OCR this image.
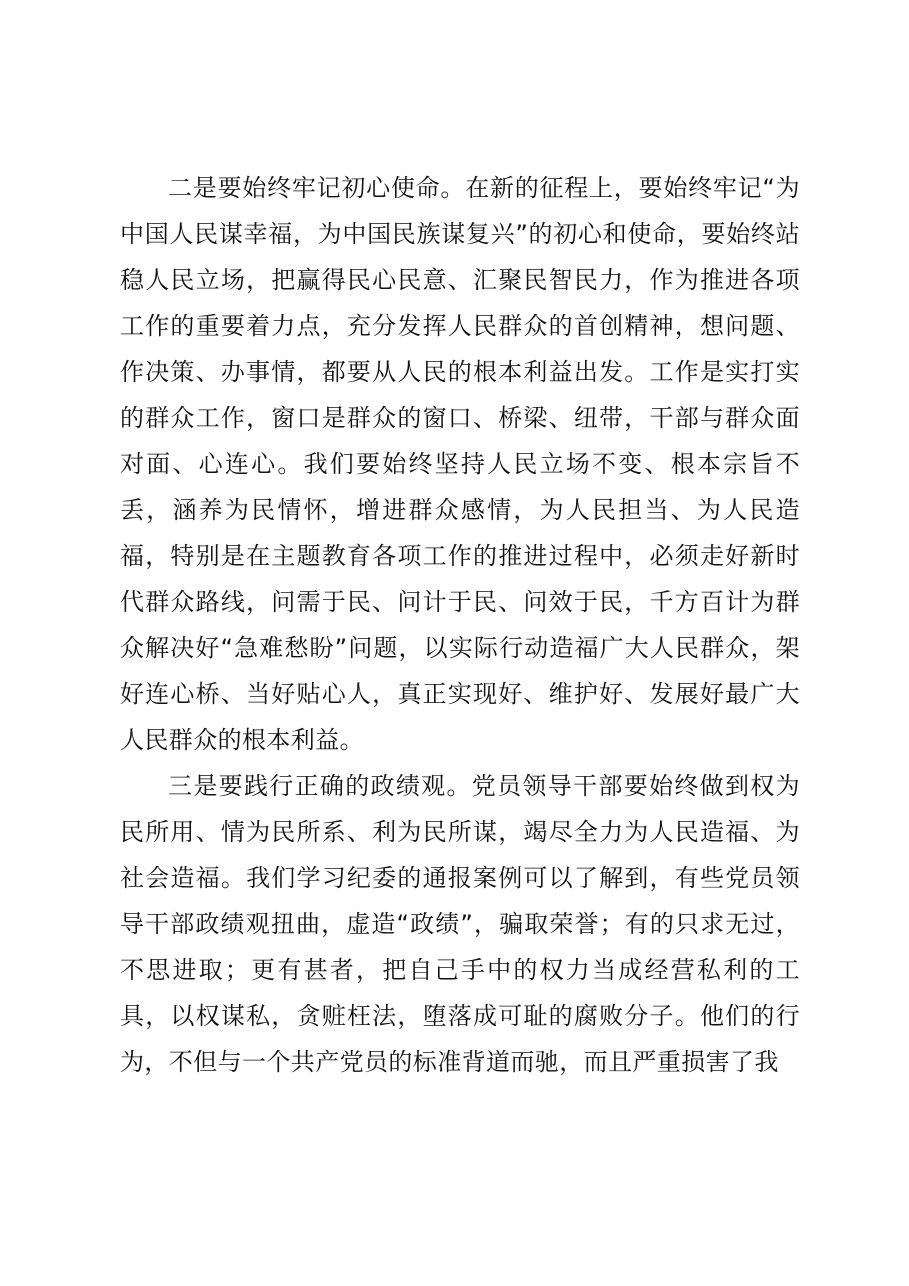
二是要始终牢记初心使命。在新的征程上，要始终牢记“为中国人民谋幸福，为中国民族谋复兴”的初心和使命，要始终站稳人民立场，把赢得民心民意、汇聚民智民力，作为推进各项工作的重要着力点，充分发挥人民群众的首创精神，想问题、作决策、办事情，都要从人民的根本利益出发。工作是实打实的群众工作，窗口是群众的窗口、桥梁、纽带，干部与群众面对面、心连心。我们要始终坚持人民立场不变、根本宗旨不丢，涵养为民情怀，增进群众感情，为人民担当、为人民造福，特别是在主题教育各项工作的推进过程中，必须走好新时代群众路线，问需于民、问计于民、问效于民，千方百计为群众解决好“急难愁盼”问题，以实际行动造福广大人民群众，架好连心桥、当好贴心人，真正实现好、维护好、发展好最广大人民群众的根本利益。

三是要践行正确的政绩观。党员领导干部要始终做到权为民所用、情为民所系、利为民所谋，竭尽全力为人民造福、为社会造福。我们学习纪委的通报案例可以了解到，有些党员领导干部政绩观扭曲，虚造“政绩”，骗取荣誉；有的只求无过，不思进取；更有甚者，把自己手中的权力当成经营私利的工具，以权谋私，贪赃枉法，堕落成可耻的腐败分子。他们的行为，不但与一个共产党员的标准背道而驰，而且严重损害了我
